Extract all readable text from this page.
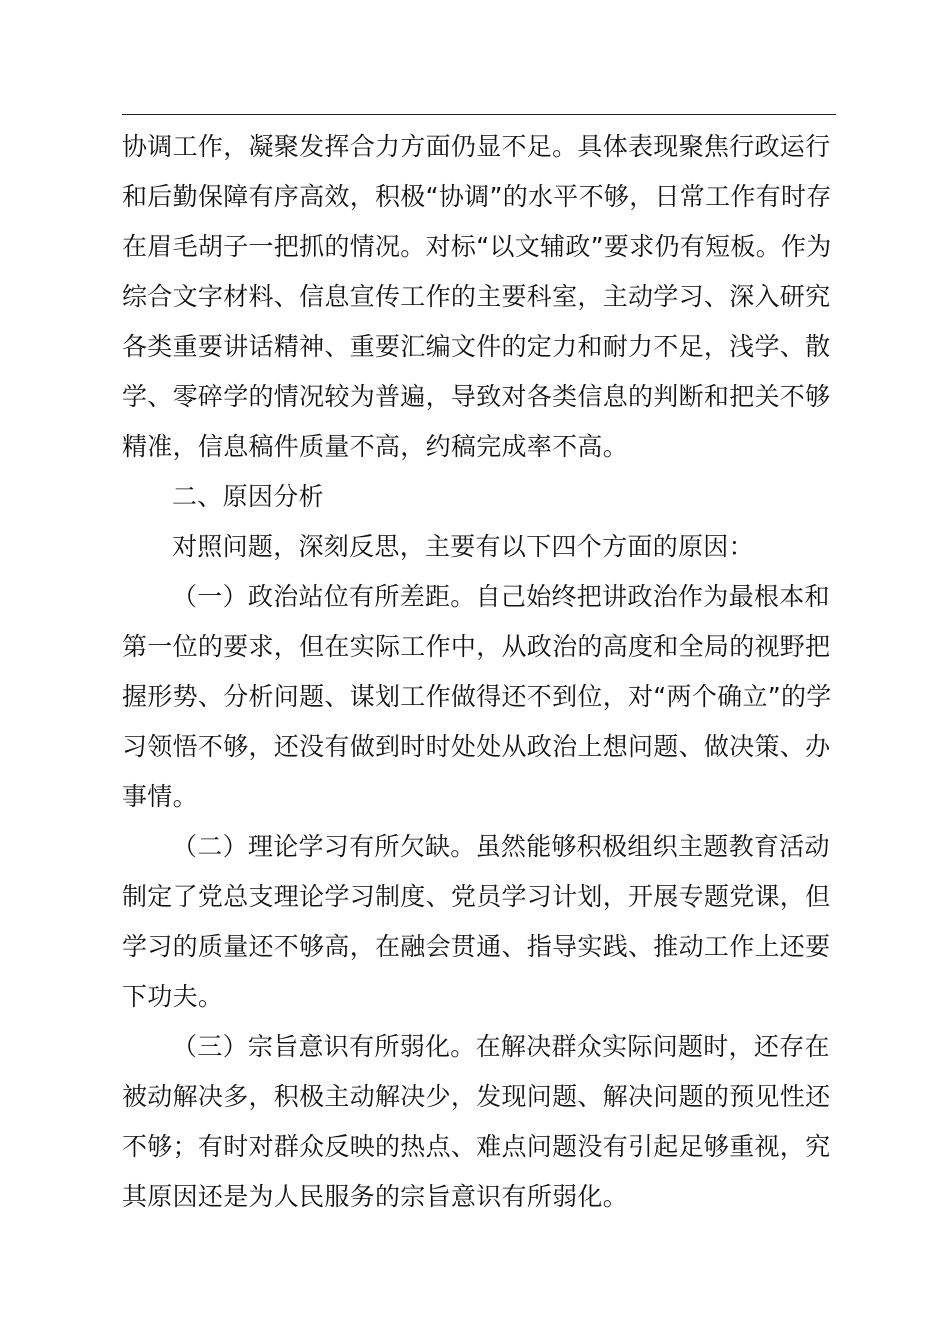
协调工作，凝聚发挥合力方面仍显不足。具体表现聚焦行政运行
和后勤保障有序高效，积极“协调”的水平不够，日常工作有时存
在眉毛胡子一把抓的情况。对标“以文辅政”要求仍有短板。作为
综合文字材料、信息宣传工作的主要科室，主动学习、深入研究
各类重要讲话精神、重要汇编文件的定力和耐力不足，浅学、散
学、零碎学的情况较为普遍，导致对各类信息的判断和把关不够
精准，信息稿件质量不高，约稿完成率不高。
二、原因分析
对照问题，深刻反思，主要有以下四个方面的原因：
（一）政治站位有所差距。自己始终把讲政治作为最根本和
第一位的要求，但在实际工作中，从政治的高度和全局的视野把
握形势、分析问题、谋划工作做得还不到位，对“两个确立”的学
习领悟不够，还没有做到时时处处从政治上想问题、做决策、办
事情。
（二）理论学习有所欠缺。虽然能够积极组织主题教育活动
制定了党总支理论学习制度、党员学习计划，开展专题党课，但
学习的质量还不够高，在融会贯通、指导实践、推动工作上还要
下功夫。
（三）宗旨意识有所弱化。在解决群众实际问题时，还存在
被动解决多，积极主动解决少，发现问题、解决问题的预见性还
不够；有时对群众反映的热点、难点问题没有引起足够重视，究
其原因还是为人民服务的宗旨意识有所弱化。
